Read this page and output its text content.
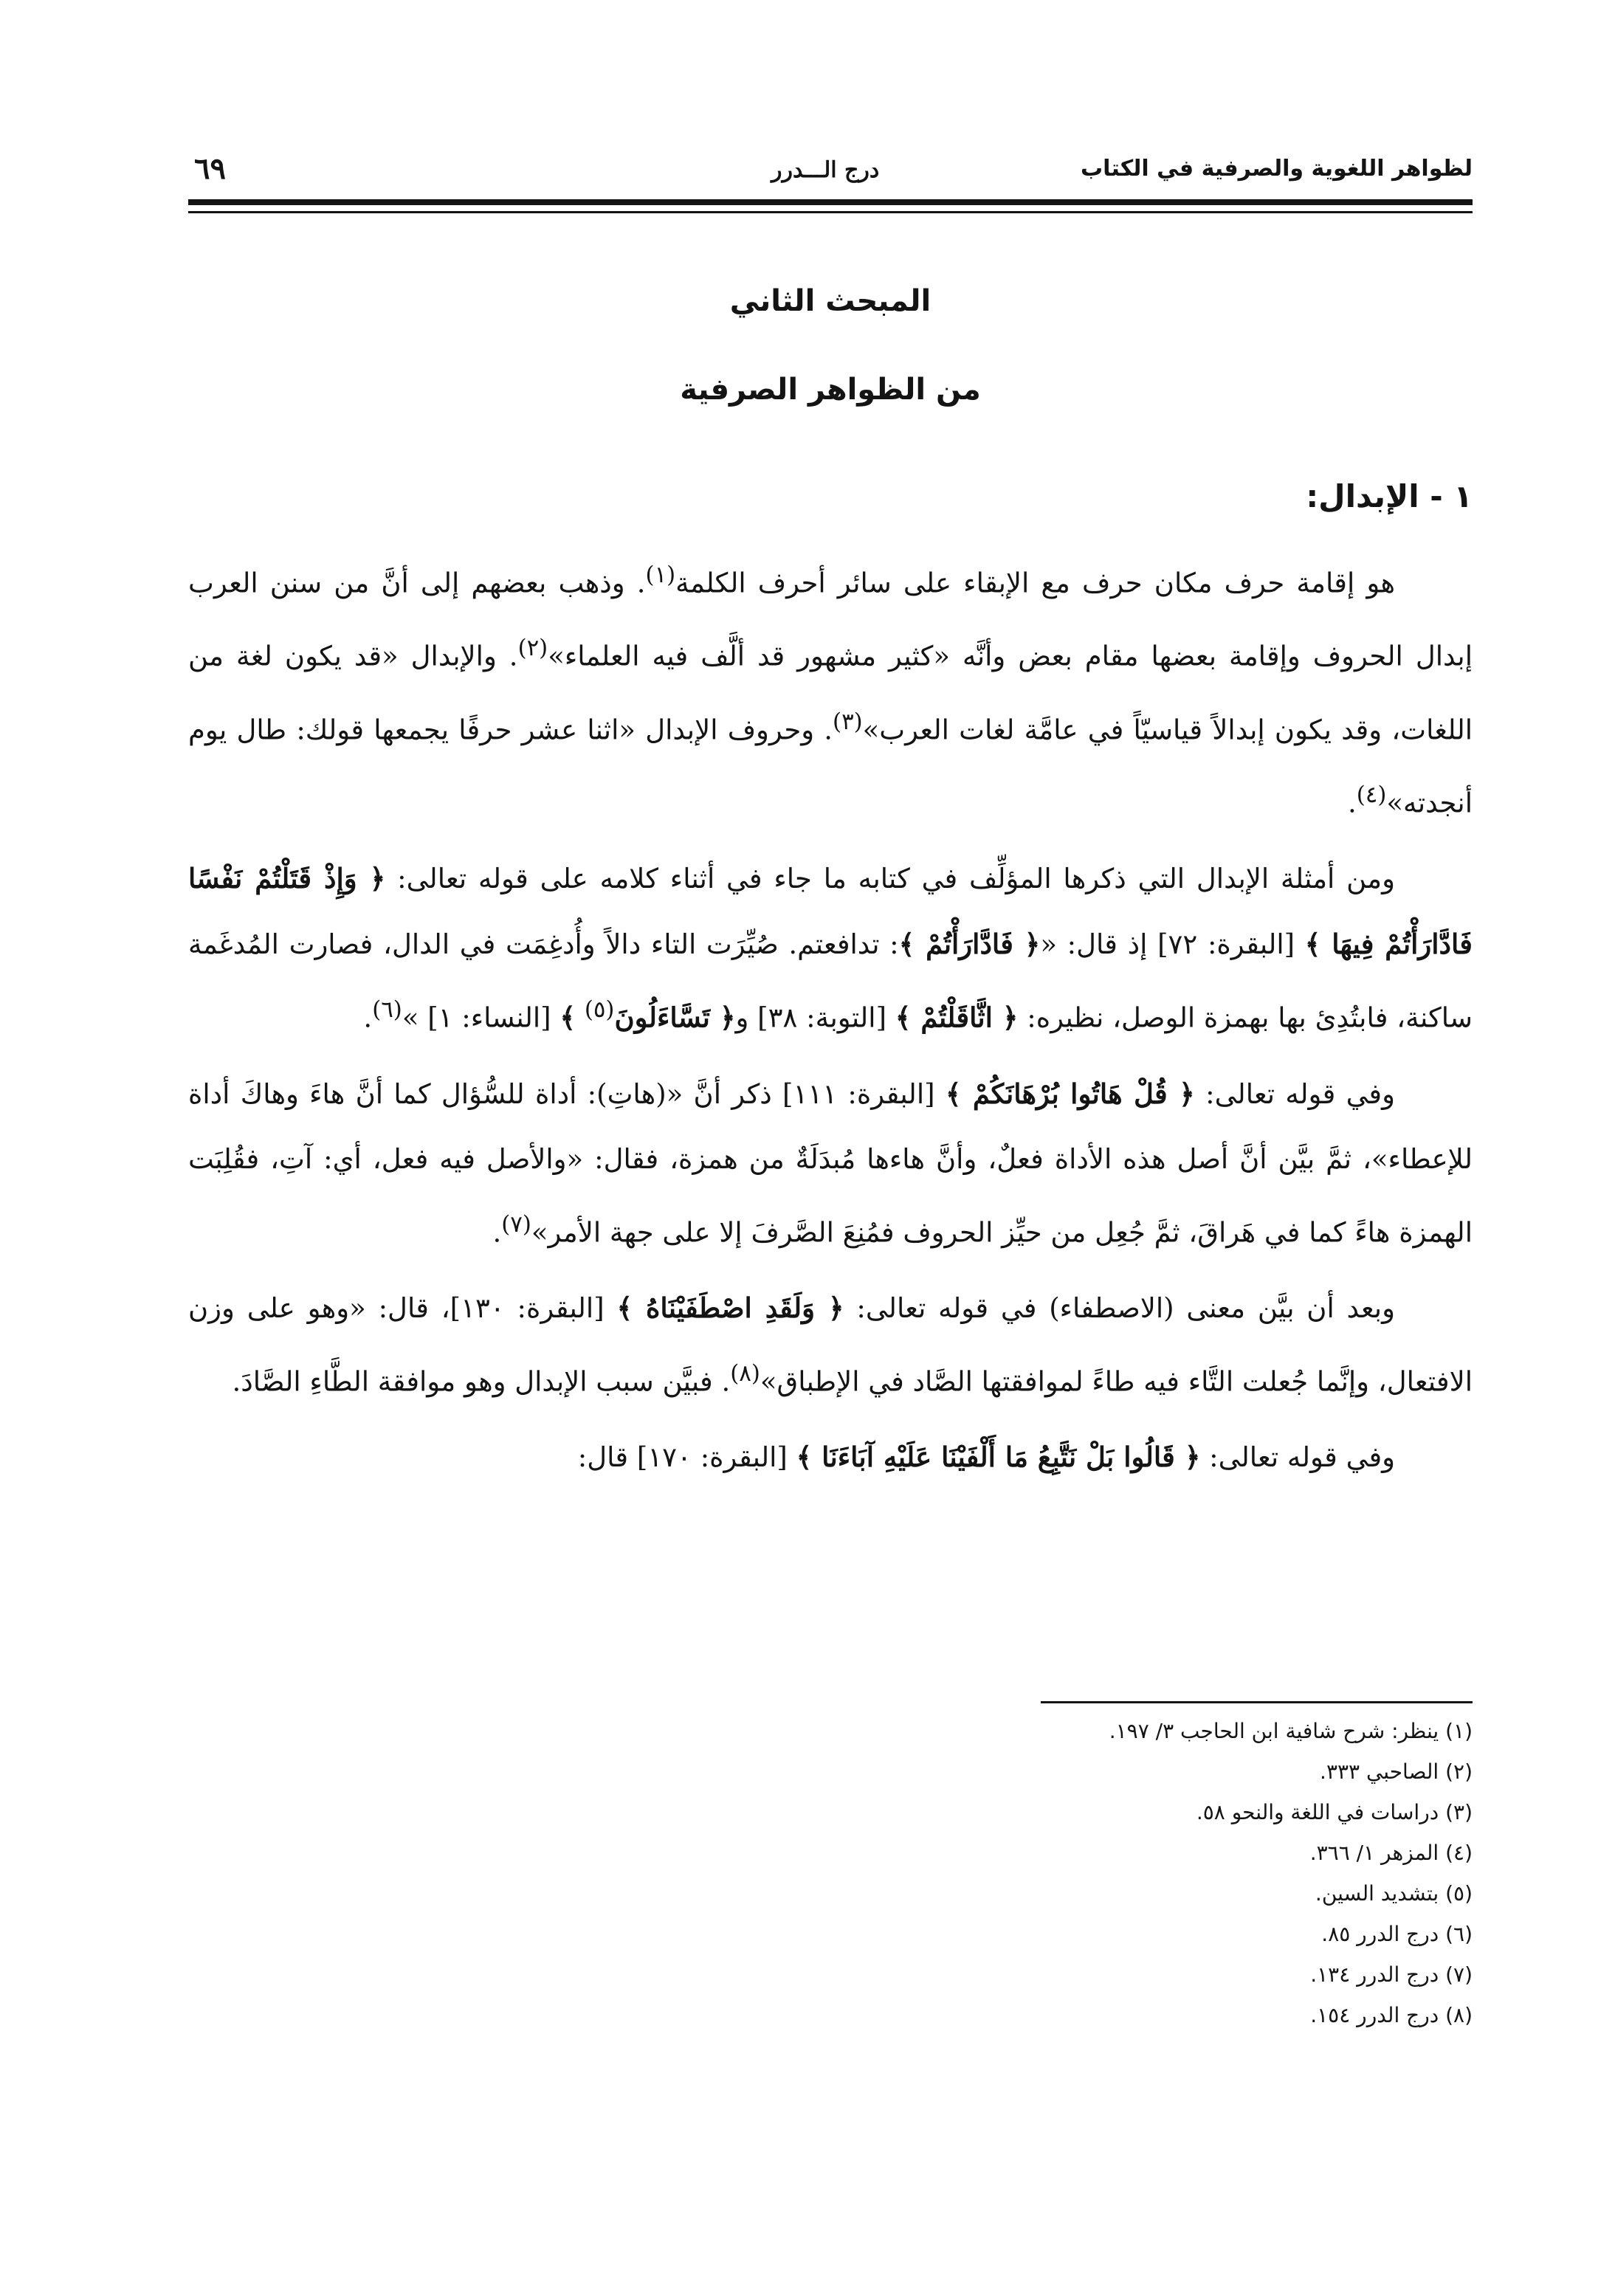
لظواهر اللغوية والصرفية في الكتاب
درج الـــدرر
٦٩
المبحث الثاني
من الظواهر الصرفية
١ - الإبدال:

هو إقامة حرف مكان حرف مع الإبقاء على سائر أحرف الكلمة$^{(١)}$. وذهب بعضهم إلى أنَّ من سنن العرب إبدال الحروف وإقامة بعضها مقام بعض وأنَّه «كثير مشهور قد ألَّف فيه العلماء»$^{(٢)}$. والإبدال «قد يكون لغة من اللغات، وقد يكون إبدالاً قياسيّاً في عامَّة لغات العرب»$^{(٣)}$. وحروف الإبدال «اثنا عشر حرفًا يجمعها قولك: طال يوم أنجدته»$^{(٤)}$.

ومن أمثلة الإبدال التي ذكرها المؤلِّف في كتابه ما جاء في أثناء كلامه على قوله تعالى: ﴿ وَإِذْ قَتَلْتُمْ نَفْسًا فَادَّارَأْتُمْ فِيهَا ﴾ [البقرة: ٧٢] إذ قال: «﴿ فَادَّارَأْتُمْ ﴾: تدافعتم. صُيِّرَت التاء دالاً وأُدغِمَت في الدال، فصارت المُدغَمة ساكنة، فابتُدِئ بها بهمزة الوصل، نظيره: ﴿ اثَّاقَلْتُمْ ﴾ [التوبة: ٣٨] و﴿ تَسَّاءَلُونَ$^{(٥)}$ ﴾ [النساء: ١] »$^{(٦)}$.

وفي قوله تعالى: ﴿ قُلْ هَاتُوا بُرْهَانَكُمْ ﴾ [البقرة: ١١١] ذكر أنَّ «(هاتِ): أداة للسُّؤال كما أنَّ هاءَ وهاكَ أداة للإعطاء»، ثمَّ بيَّن أنَّ أصل هذه الأداة فعلٌ، وأنَّ هاءها مُبدَلَةٌ من همزة، فقال: «والأصل فيه فعل، أي: آتِ، فقُلِبَت الهمزة هاءً كما في هَراقَ، ثمَّ جُعِل من حيِّز الحروف فمُنِعَ الصَّرفَ إلا على جهة الأمر»$^{(٧)}$.

وبعد أن بيَّن معنى (الاصطفاء) في قوله تعالى: ﴿ وَلَقَدِ اصْطَفَيْنَاهُ ﴾ [البقرة: ١٣٠]، قال: «وهو على وزن الافتعال، وإنَّما جُعلت التَّاء فيه طاءً لموافقتها الصَّاد في الإطباق»$^{(٨)}$. فبيَّن سبب الإبدال وهو موافقة الطَّاءِ الصَّادَ.

وفي قوله تعالى: ﴿ قَالُوا بَلْ نَتَّبِعُ مَا أَلْفَيْنَا عَلَيْهِ آبَاءَنَا ﴾ [البقرة: ١٧٠] قال:

(١) ينظر: شرح شافية ابن الحاجب ٣/ ١٩٧.
(٢) الصاحبي ٣٣٣.
(٣) دراسات في اللغة والنحو ٥٨.
(٤) المزهر ١/ ٣٦٦.
(٥) بتشديد السين.
(٦) درج الدرر ٨٥.
(٧) درج الدرر ١٣٤.
(٨) درج الدرر ١٥٤.
